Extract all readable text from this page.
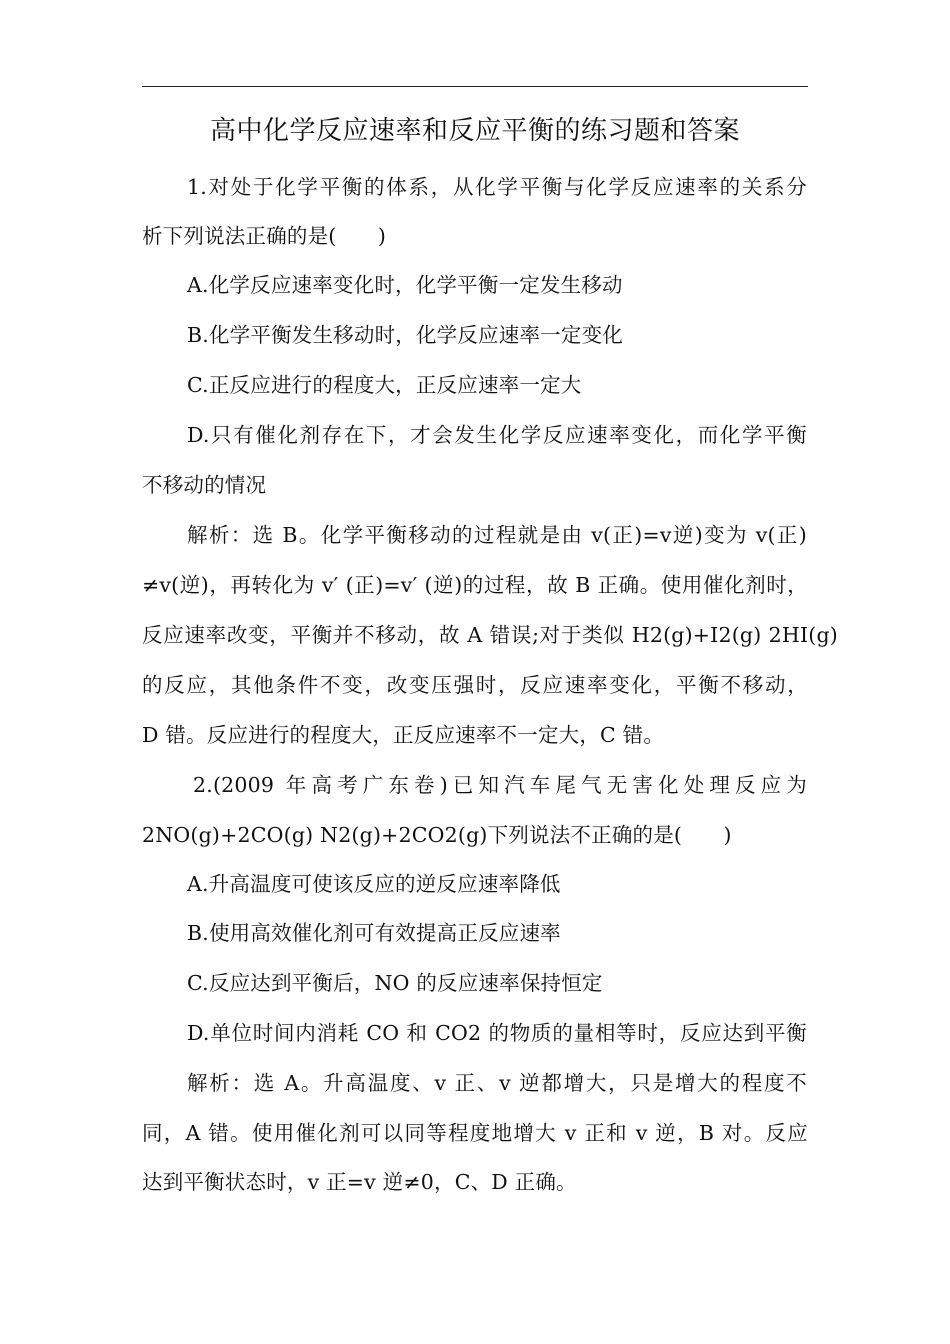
高中化学反应速率和反应平衡的练习题和答案
1.对处于化学平衡的体系，从化学平衡与化学反应速率的关系分
析下列说法正确的是(　　)
A.化学反应速率变化时，化学平衡一定发生移动
B.化学平衡发生移动时，化学反应速率一定变化
C.正反应进行的程度大，正反应速率一定大
D.只有催化剂存在下，才会发生化学反应速率变化，而化学平衡
不移动的情况
解析：选 B。化学平衡移动的过程就是由 v(正)=v逆)变为 v(正)
≠v(逆)，再转化为 v′ (正)=v′ (逆)的过程，故 B 正确。使用催化剂时，
反应速率改变，平衡并不移动，故 A 错误;对于类似 H2(g)+I2(g) 2HI(g)
的反应，其他条件不变，改变压强时，反应速率变化，平衡不移动，
D 错。反应进行的程度大，正反应速率不一定大，C 错。
2.(2009 年高考广东卷)已知汽车尾气无害化处理反应为
2NO(g)+2CO(g) N2(g)+2CO2(g)下列说法不正确的是(　　)
A.升高温度可使该反应的逆反应速率降低
B.使用高效催化剂可有效提高正反应速率
C.反应达到平衡后，NO 的反应速率保持恒定
D.单位时间内消耗 CO 和 CO2 的物质的量相等时，反应达到平衡
解析：选 A。升高温度、v 正、v 逆都增大，只是增大的程度不
同，A 错。使用催化剂可以同等程度地增大 v 正和 v 逆，B 对。反应
达到平衡状态时，v 正=v 逆≠0，C、D 正确。
